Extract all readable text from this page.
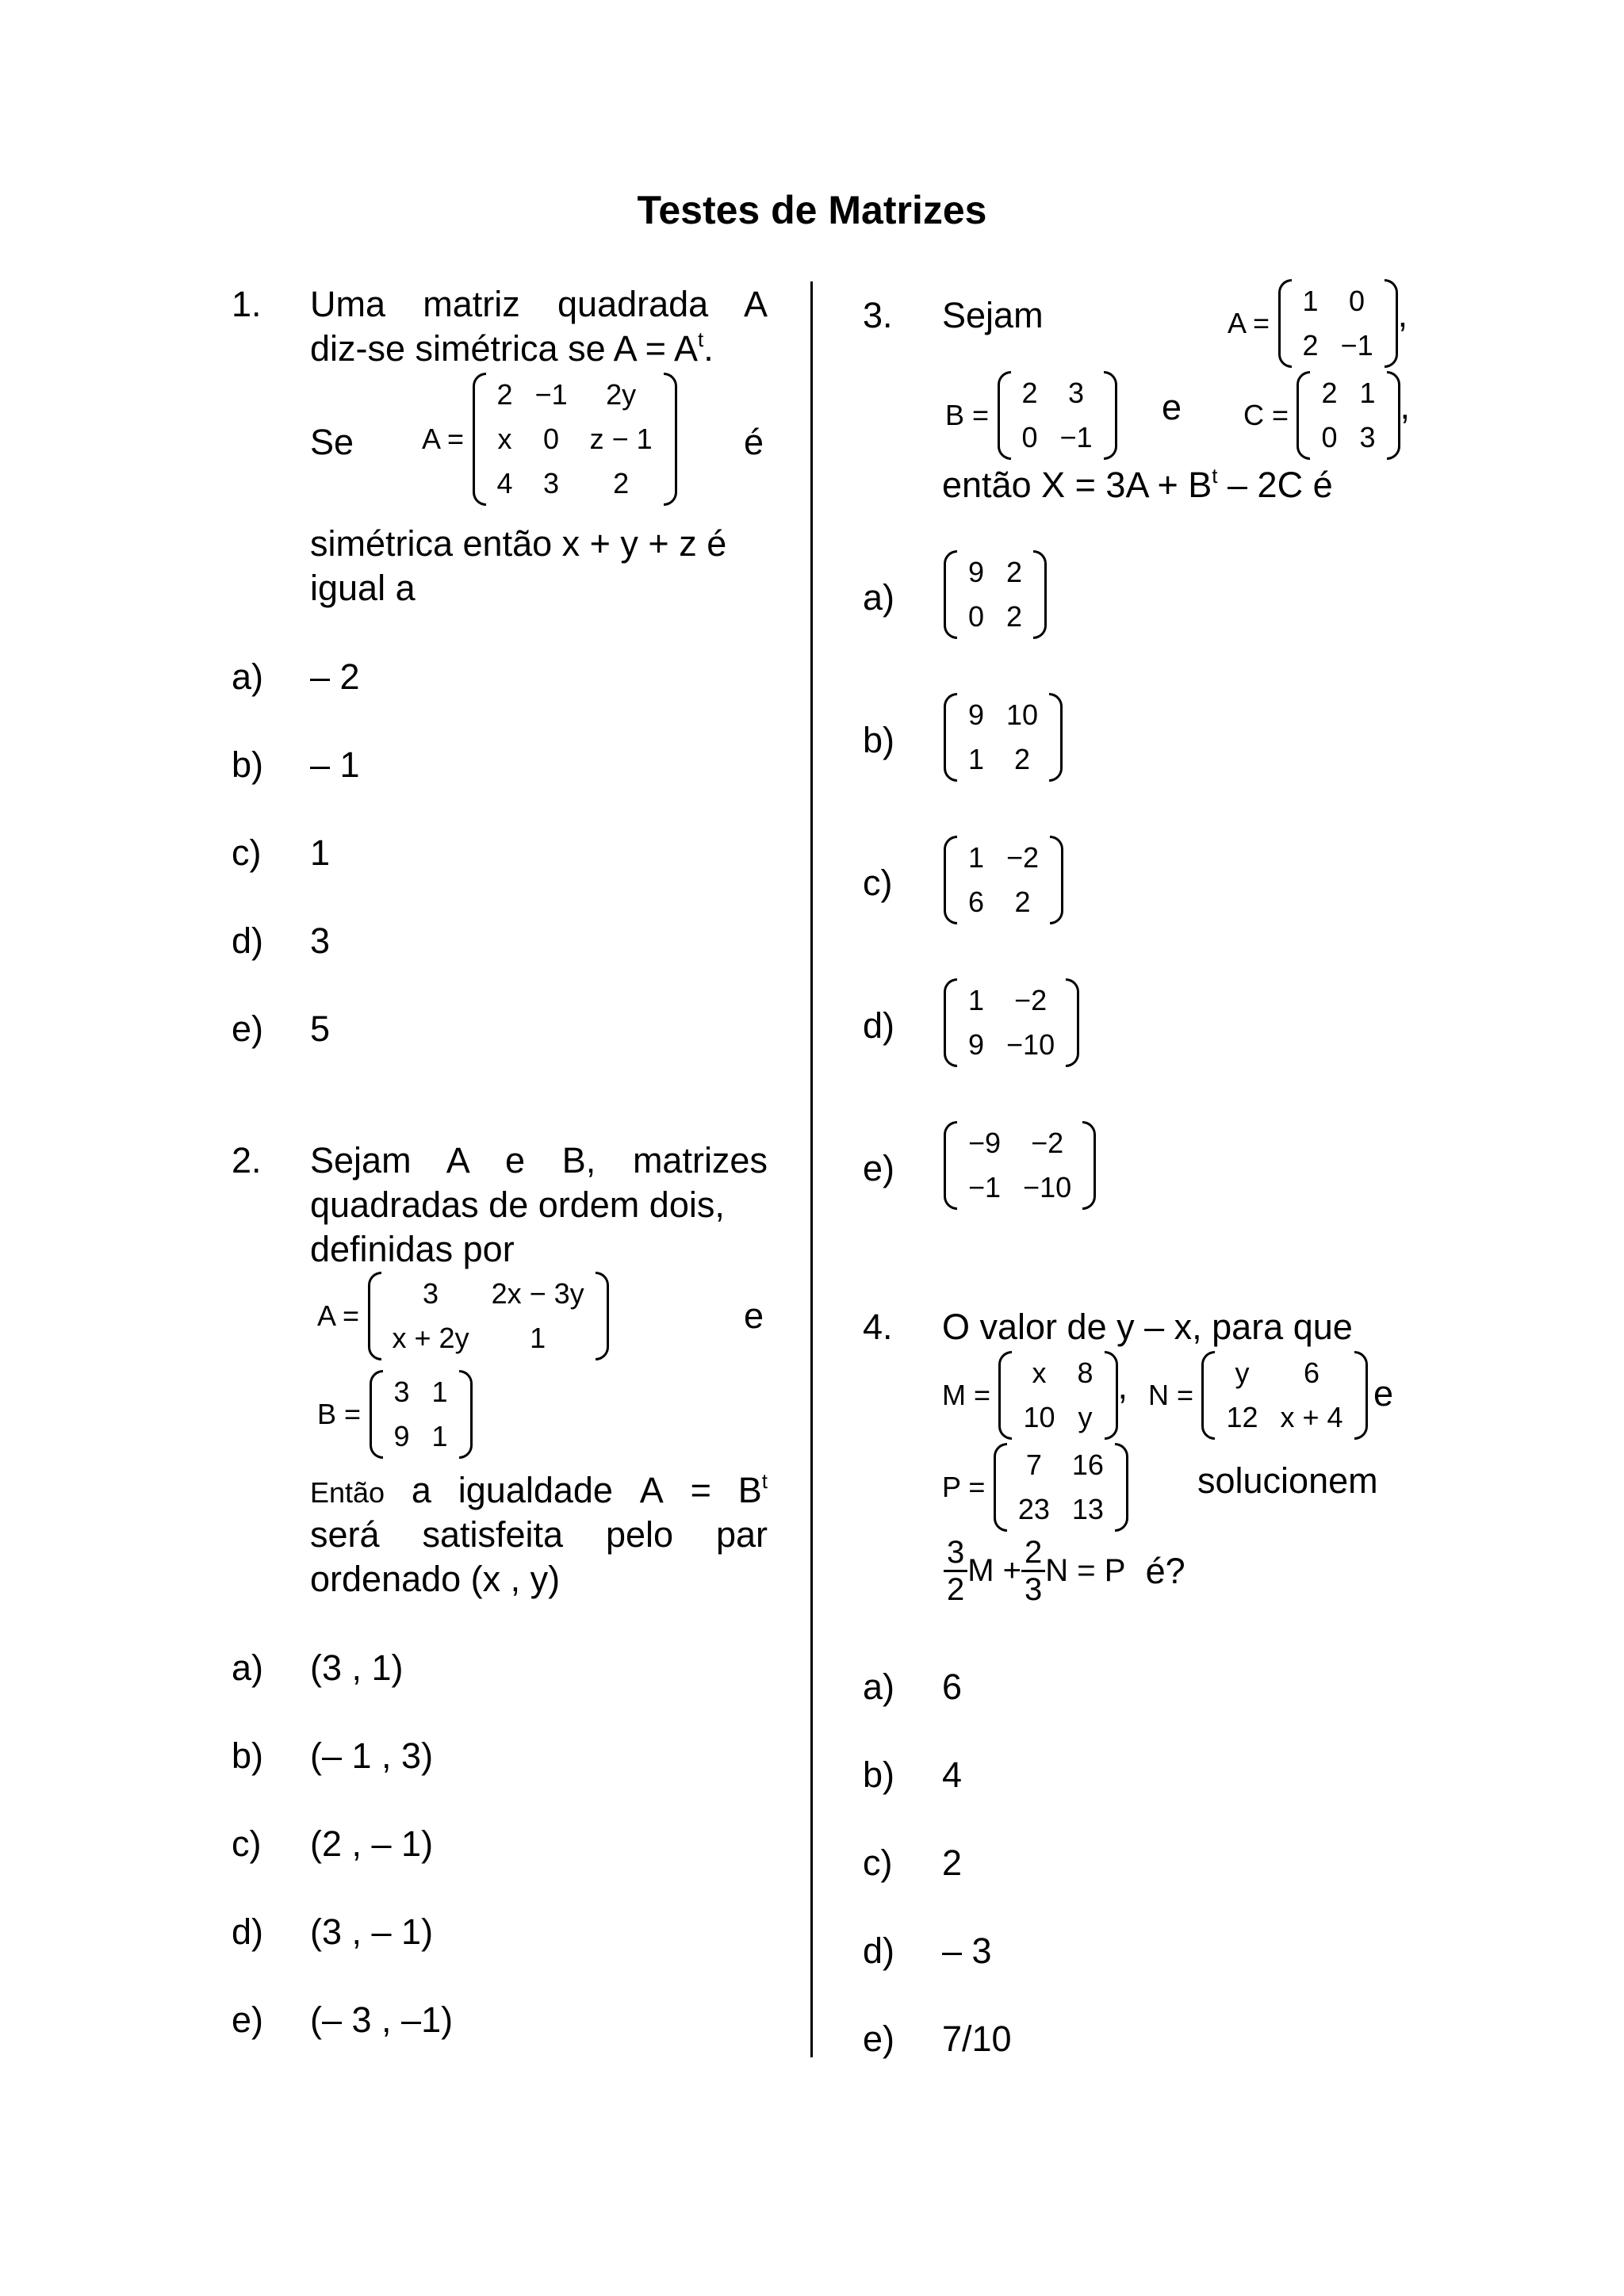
Testes de Matrizes
1. Uma matriz quadrada A
diz-se simétrica se $A = A^t$.
Se A =
2	−1	2y
x	0	z − 1
4	3	2
é
simétrica então x + y + z é
igual a
a) – 2
b) – 1
c) 1
d) 3
e) 5
2. Sejam A e B, matrizes
quadradas de ordem dois,
definidas por
A =
3	2x − 3y
x + 2y	1
e
B =
3	1
9	1
Então a igualdade $A = B^t$
será satisfeita pelo par
ordenado (x , y)
a) (3 , 1)
b) (– 1 , 3)
c) (2 , – 1)
d) (3 , – 1)
e) (– 3 , –1)
3. Sejam	A =
1	0
2	−1
,
B =
2	3
0	−1
e C =
2	1
0	3
,
então $X = 3A + B^t - 2C$ é
a)
9	2
0	2
b)
9	10
1	2
c)
1	−2
6	2
d)
1	−2
9	−10
e)
−9	−2
−1	−10
4. O valor de y – x, para que
M =
x	8
10	y
, N =
y	6
12	x + 4
e
P =
7	16
23	13
solucionem
$\frac{3}{2}$ $M + \frac{2}{3}$ N = P é?
a) 6
b) 4
c) 2
d) – 3
e) 7/10
